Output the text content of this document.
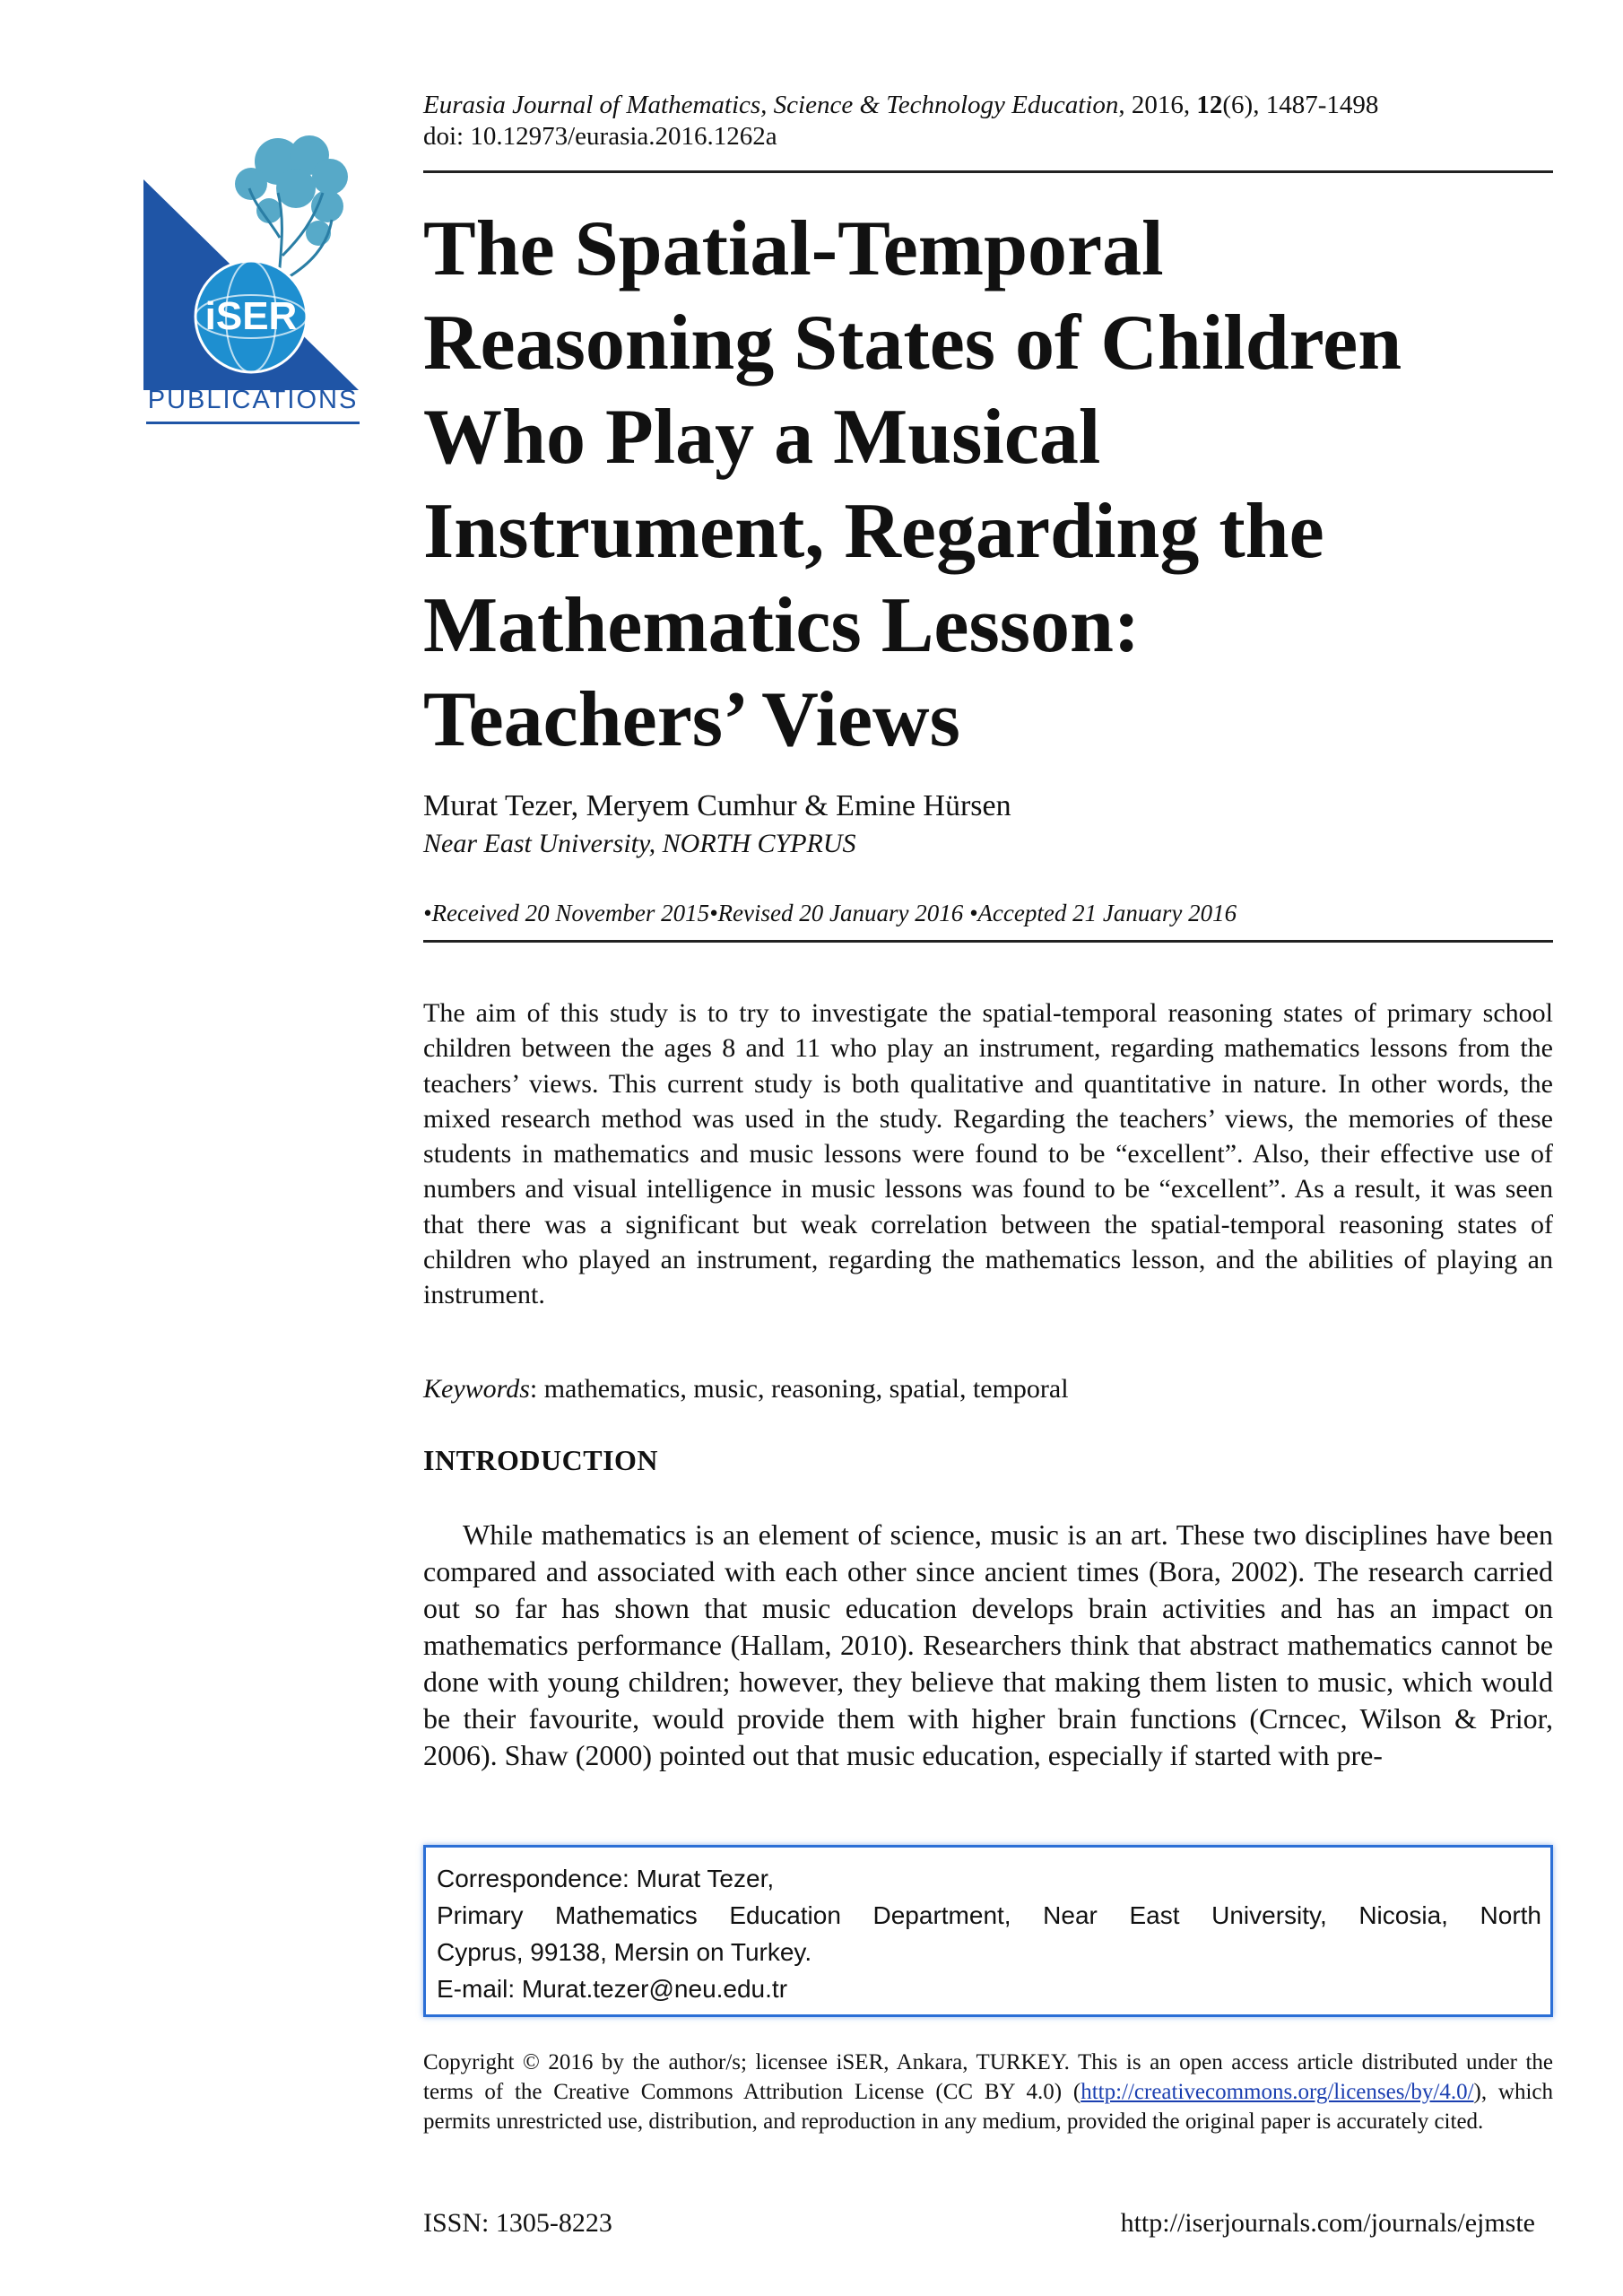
iSER
PUBLICATIONS
Eurasia Journal of Mathematics, Science & Technology Education, 2016, 12(6), 1487-1498
doi: 10.12973/eurasia.2016.1262a
The Spatial-Temporal
Reasoning States of Children
Who Play a Musical
Instrument, Regarding the
Mathematics Lesson:
Teachers’ Views
Murat Tezer, Meryem Cumhur & Emine Hürsen
Near East University, NORTH CYPRUS
•Received 20 November 2015•Revised 20 January 2016 •Accepted 21 January 2016
The aim of this study is to try to investigate the spatial-temporal reasoning states of primary school children between the ages 8 and 11 who play an instrument, regarding mathematics lessons from the teachers’ views. This current study is both qualitative and quantitative in nature. In other words, the mixed research method was used in the study. Regarding the teachers’ views, the memories of these students in mathematics and music lessons were found to be “excellent”. Also, their effective use of numbers and visual intelligence in music lessons was found to be “excellent”. As a result, it was seen that there was a significant but weak correlation between the spatial-temporal reasoning states of children who played an instrument, regarding the mathematics lesson, and the abilities of playing an instrument.
Keywords: mathematics, music, reasoning, spatial, temporal
INTRODUCTION
While mathematics is an element of science, music is an art. These two disciplines have been compared and associated with each other since ancient times (Bora, 2002). The research carried out so far has shown that music education develops brain activities and has an impact on mathematics performance (Hallam, 2010). Researchers think that abstract mathematics cannot be done with young children; however, they believe that making them listen to music, which would be their favourite, would provide them with higher brain functions (Crncec, Wilson & Prior, 2006). Shaw (2000) pointed out that music education, especially if started with pre-
Correspondence: Murat Tezer,
Primary Mathematics Education Department, Near East University, Nicosia, North
Cyprus, 99138, Mersin on Turkey.
E-mail: Murat.tezer@neu.edu.tr
Copyright © 2016 by the author/s; licensee iSER, Ankara, TURKEY. This is an open access article distributed under the terms of the Creative Commons Attribution License (CC BY 4.0) (http://creativecommons.org/licenses/by/4.0/), which permits unrestricted use, distribution, and reproduction in any medium, provided the original paper is accurately cited.
ISSN: 1305-8223	http://iserjournals.com/journals/ejmste
